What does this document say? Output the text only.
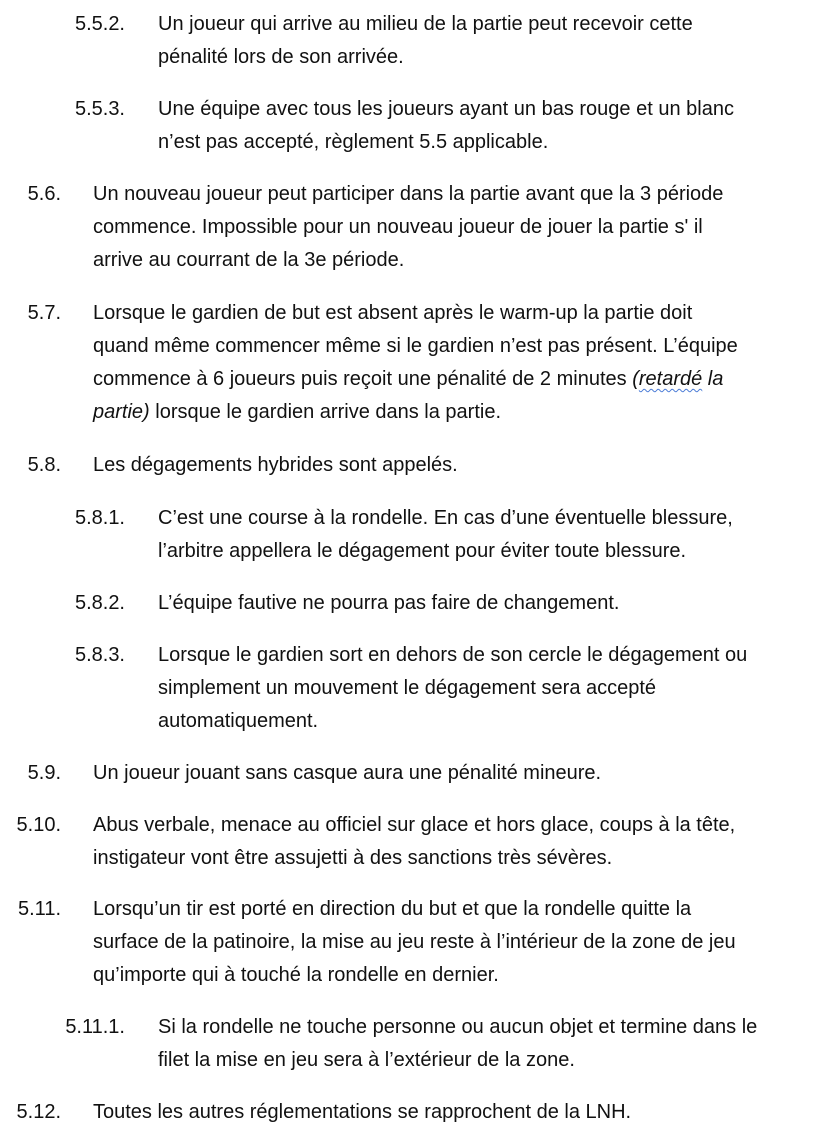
5.5.2. Un joueur qui arrive au milieu de la partie peut recevoir cette
pénalité lors de son arrivée.
5.5.3. Une équipe avec tous les joueurs ayant un bas rouge et un blanc
n’est pas accepté, règlement 5.5 applicable.
5.6. Un nouveau joueur peut participer dans la partie avant que la 3 période
commence. Impossible pour un nouveau joueur de jouer la partie s' il
arrive au courrant de la 3e période.
5.7. Lorsque le gardien de but est absent après le warm-up la partie doit
quand même commencer même si le gardien n’est pas présent. L’équipe
commence à 6 joueurs puis reçoit une pénalité de 2 minutes (retardé la
partie) lorsque le gardien arrive dans la partie.
5.8. Les dégagements hybrides sont appelés.
5.8.1. C’est une course à la rondelle. En cas d’une éventuelle blessure,
l’arbitre appellera le dégagement pour éviter toute blessure.
5.8.2. L’équipe fautive ne pourra pas faire de changement.
5.8.3. Lorsque le gardien sort en dehors de son cercle le dégagement ou
simplement un mouvement le dégagement sera accepté
automatiquement.
5.9. Un joueur jouant sans casque aura une pénalité mineure.
5.10. Abus verbale, menace au officiel sur glace et hors glace, coups à la tête,
instigateur vont être assujetti à des sanctions très sévères.
5.11. Lorsqu’un tir est porté en direction du but et que la rondelle quitte la
surface de la patinoire, la mise au jeu reste à l’intérieur de la zone de jeu
qu’importe qui à touché la rondelle en dernier.
5.11.1. Si la rondelle ne touche personne ou aucun objet et termine dans le
filet la mise en jeu sera à l’extérieur de la zone.
5.12. Toutes les autres réglementations se rapprochent de la LNH.
